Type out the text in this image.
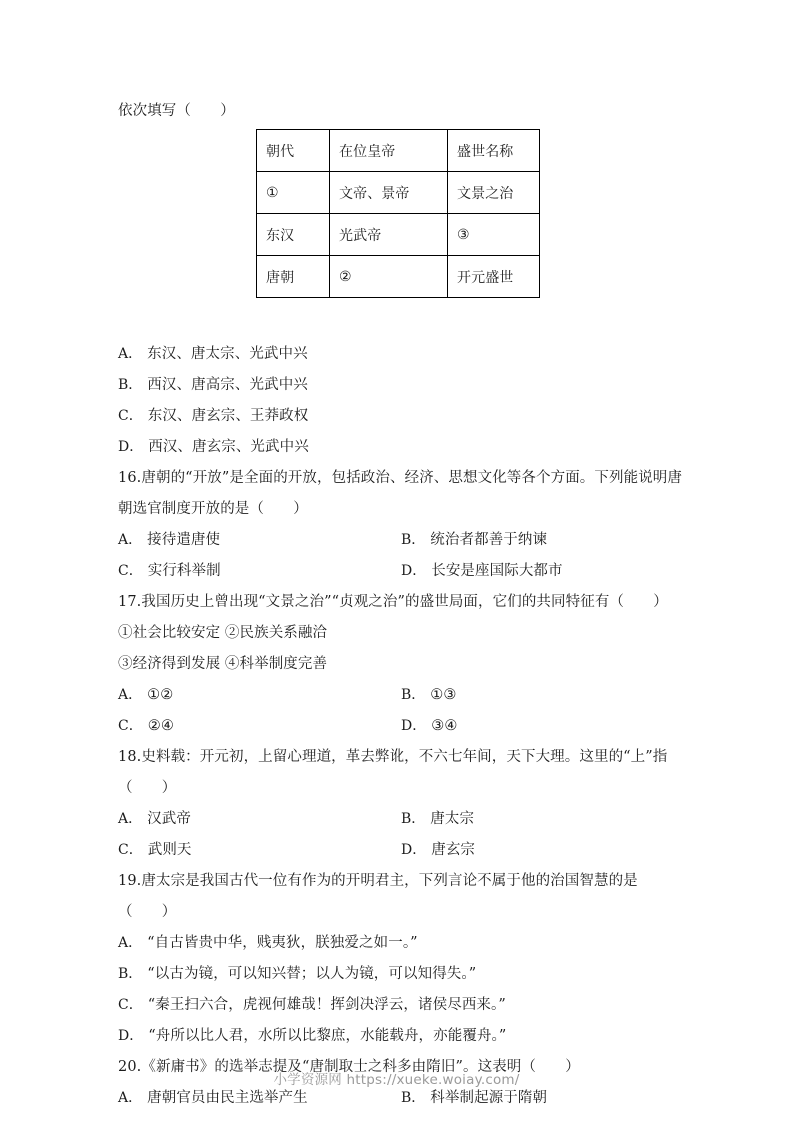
朝代	在位皇帝	盛世名称
①	文帝、景帝	文景之治
东汉	光武帝	③
唐朝	②	开元盛世
依次填写（　　）
A． 东汉、唐太宗、光武中兴
B． 西汉、唐高宗、光武中兴
C． 东汉、唐玄宗、王莽政权
D． 西汉、唐玄宗、光武中兴
16.唐朝的“开放”是全面的开放，包括政治、经济、思想文化等各个方面。下列能说明唐
朝选官制度开放的是（　　）
A． 接待遣唐使	B． 统治者都善于纳谏
C． 实行科举制	D． 长安是座国际大都市
17.我国历史上曾出现“文景之治”“贞观之治”的盛世局面，它们的共同特征有（　　）
①社会比较安定 ②民族关系融洽
③经济得到发展 ④科举制度完善
A． ①②	B． ①③
C． ②④	D． ③④
18.史料载：开元初，上留心理道，革去弊讹，不六七年间，天下大理。这里的“上”指（　　）
A． 汉武帝	B． 唐太宗
C． 武则天	D． 唐玄宗
19.唐太宗是我国古代一位有作为的开明君主，下列言论不属于他的治国智慧的是（　　）
A． “自古皆贵中华，贱夷狄，朕独爱之如一。”
B． “以古为镜，可以知兴替；以人为镜，可以知得失。”
C． “秦王扫六合，虎视何雄哉！挥剑决浮云，诸侯尽西来。”
D． “舟所以比人君，水所以比黎庶，水能载舟，亦能覆舟。”
20.《新庸书》的选举志提及“唐制取士之科多由隋旧”。这表明（　　）
A． 唐朝官员由民主选举产生	B． 科举制起源于隋朝
小学资源网 https://xueke.woiay.com/
